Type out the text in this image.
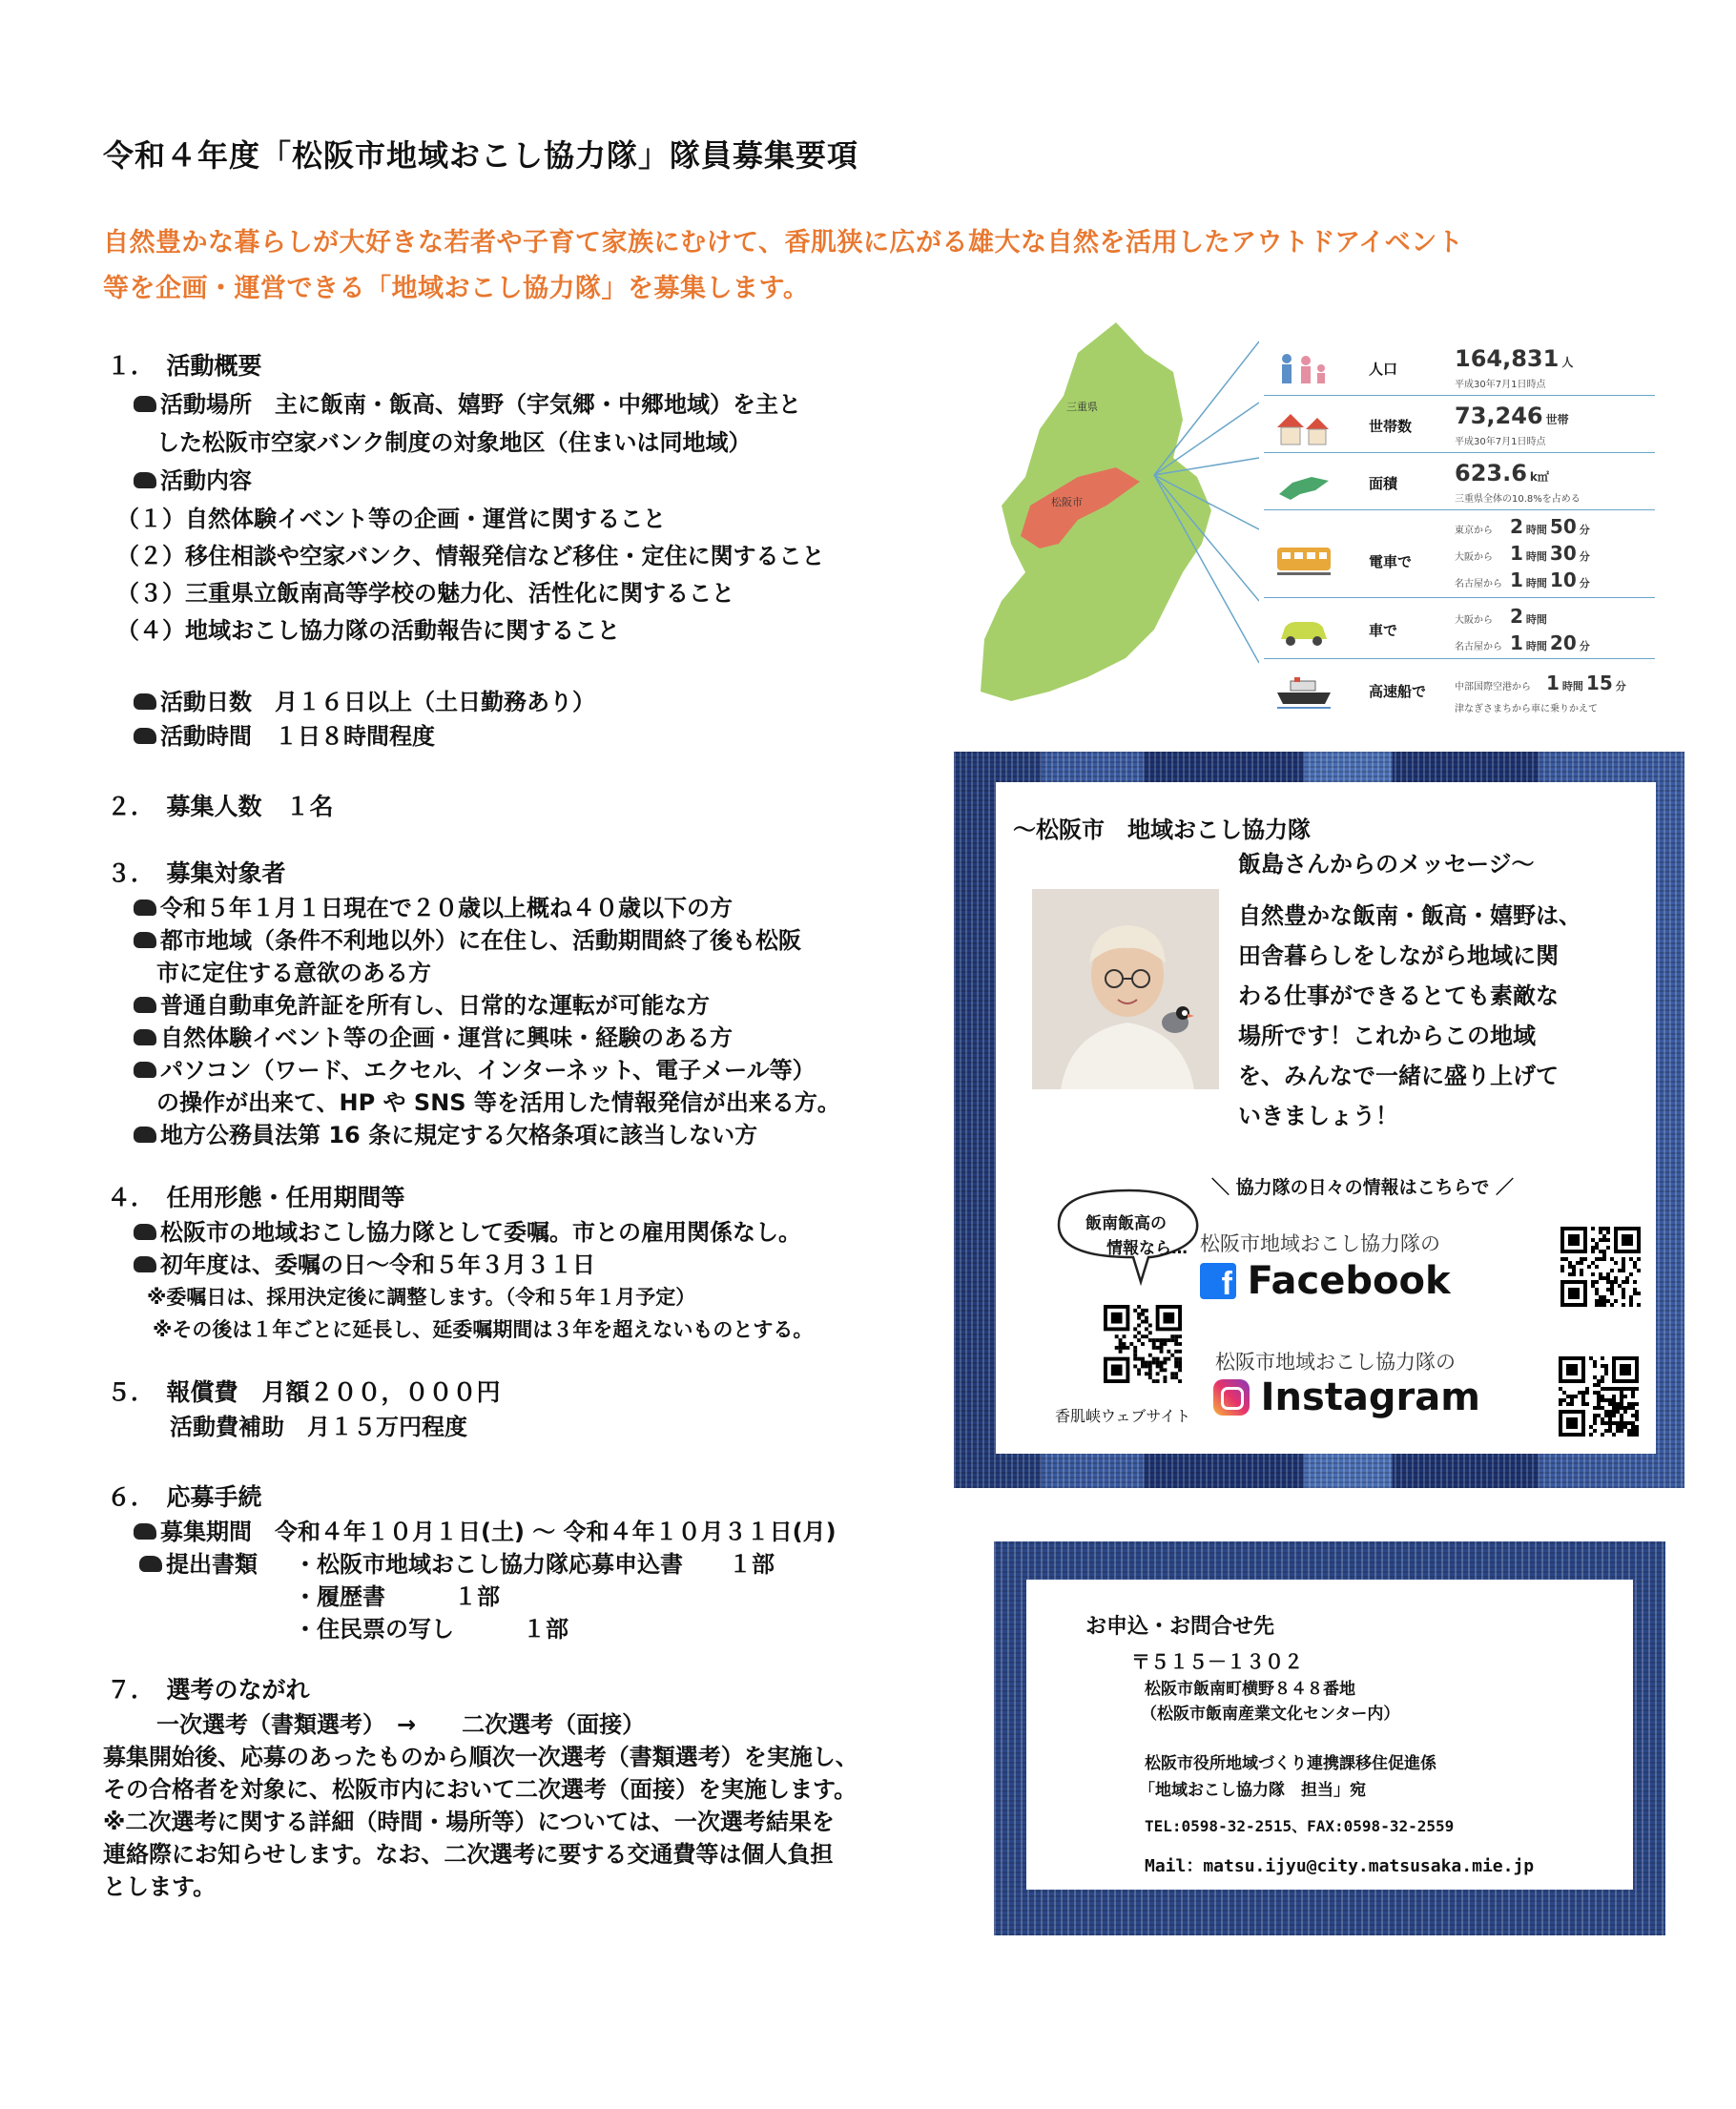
令和４年度「松阪市地域おこし協力隊」隊員募集要項
自然豊かな暮らしが大好きな若者や子育て家族にむけて、香肌狭に広がる雄大な自然を活用したアウトドアイベント
等を企画・運営できる「地域おこし協力隊」を募集します。
１．　活動概要
活動場所　主に飯南・飯高、嬉野（宇気郷・中郷地域）を主と
した松阪市空家バンク制度の対象地区（住まいは同地域）
活動内容
（１）自然体験イベント等の企画・運営に関すること
（２）移住相談や空家バンク、情報発信など移住・定住に関すること
（３）三重県立飯南高等学校の魅力化、活性化に関すること
（４）地域おこし協力隊の活動報告に関すること
活動日数　月１６日以上（土日勤務あり）
活動時間　１日８時間程度
２．　募集人数　１名
３．　募集対象者
令和５年１月１日現在で２０歳以上概ね４０歳以下の方
都市地域（条件不利地以外）に在住し、活動期間終了後も松阪
市に定住する意欲のある方
普通自動車免許証を所有し、日常的な運転が可能な方
自然体験イベント等の企画・運営に興味・経験のある方
パソコン（ワード、エクセル、インターネット、電子メール等）
の操作が出来て、HP や SNS 等を活用した情報発信が出来る方。
地方公務員法第 16 条に規定する欠格条項に該当しない方
４．　任用形態・任用期間等
松阪市の地域おこし協力隊として委嘱。市との雇用関係なし。
初年度は、委嘱の日～令和５年３月３１日
※委嘱日は、採用決定後に調整します。（令和５年１月予定）
※その後は１年ごとに延長し、延委嘱期間は３年を超えないものとする。
５．　報償費　月額２００，０００円
活動費補助　月１５万円程度
６．　応募手続
募集期間　令和４年１０月１日(土) ～ 令和４年１０月３１日(月)
提出書類 ・松阪市地域おこし協力隊応募申込書　　１部
・履歴書　　　１部
・住民票の写し　　　１部
７．　選考のながれ
一次選考（書類選考）　→　　二次選考（面接）
募集開始後、応募のあったものから順次一次選考（書類選考）を実施し、
その合格者を対象に、松阪市内において二次選考（面接）を実施します。
※二次選考に関する詳細（時間・場所等）については、一次選考結果を
連絡際にお知らせします。なお、二次選考に要する交通費等は個人負担
とします。
三重県
松阪市
人口 164,831 人
平成30年7月1日時点
世帯数 73,246 世帯
平成30年7月1日時点
面積 623.6 k㎡
三重県全体の10.8%を占める
電車で
東京から 2 時間 50 分
大阪から 1 時間 30 分
名古屋から 1 時間 10 分
車で
大阪から 2 時間
名古屋から 1 時間 20 分
高速船で	中部国際空港から 1 時間 15 分
津なぎさまちから車に乗りかえて
～松阪市　地域おこし協力隊
飯島さんからのメッセージ～
自然豊かな飯南・飯高・嬉野は、
田舎暮らしをしながら地域に関
わる仕事ができるとても素敵な
場所です！これからこの地域
を、みんなで一緒に盛り上げて
いきましょう！
＼ 協力隊の日々の情報はこちらで ／
飯南飯高の
情報なら… 松阪市地域おこし協力隊の
f Facebook
松阪市地域おこし協力隊の
Instagram
香肌峡ウェブサイト
お申込・お問合せ先
〒５１５－１３０２
松阪市飯南町横野８４８番地
（松阪市飯南産業文化センター内）
松阪市役所地域づくり連携課移住促進係
「地域おこし協力隊　担当」宛
TEL:0598-32-2515、FAX:0598-32-2559
Mail：matsu.ijyu@city.matsusaka.mie.jp
